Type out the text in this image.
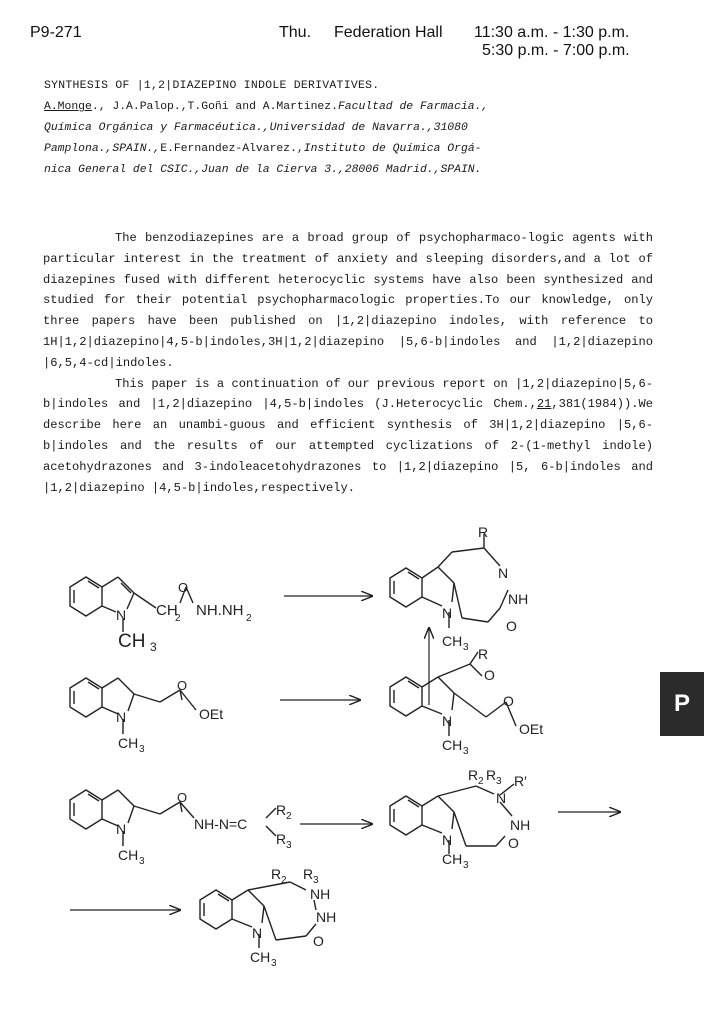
P9-271	Thu. Federation Hall 11:30 a.m. - 1:30 p.m.
5:30 p.m. - 7:00 p.m.
SYNTHESIS OF |1,2|DIAZEPINO INDOLE DERIVATIVES.
A.Monge., J.A.Palop.,T.Goñi and A.Martinez.Facultad de Farmacia.,
Química Orgánica y Farmacéutica.,Universidad de Navarra.,31080
Pamplona.,SPAIN.,E.Fernandez-Alvarez.,Instituto de Química Orgá-
nica General del CSIC.,Juan de la Cierva 3.,28006 Madrid.,SPAIN.

The benzodiazepines are a broad group of psychopharmaco-logic agents with particular interest in the treatment of anxiety and sleeping disorders,and a lot of diazepines fused with different heterocyclic systems have also been synthesized and studied for their potential psychopharmacologic properties.To our knowledge, only three papers have been published on |1,2|diazepino indoles, with reference to 1H|1,2|diazepino|4,5-b|indoles,3H|1,2|diazepino |5,6-b|indoles and |1,2|diazepino |6,5,4-cd|indoles.

This paper is a continuation of our previous report on |1,2|diazepino|5,6-b|indoles and |1,2|diazepino |4,5-b|indoles (J.Heterocyclic Chem.,21,381(1984)).We describe here an unambi-guous and efficient synthesis of 3H|1,2|diazepino |5,6-b|indoles and the results of our attempted cyclizations of 2-(1-methyl indole) acetohydrazones and 3-indoleacetohydrazones to |1,2|diazepino |5, 6-b|indoles and |1,2|diazepino |4,5-b|indoles,respectively.

N
CH 3
CH
2 NH.NH 2
O
R
N
NH
O
N
CH 3
O
OEt
N
CH 3
R
O
O
OEt
N
CH 3
O
NH-N=C
R 2
R 3
N
CH 3
R 2 R 3
N
R′
NH
O
N
CH 3
R 2 R 3
NH
NH
O
N
CH 3
P
